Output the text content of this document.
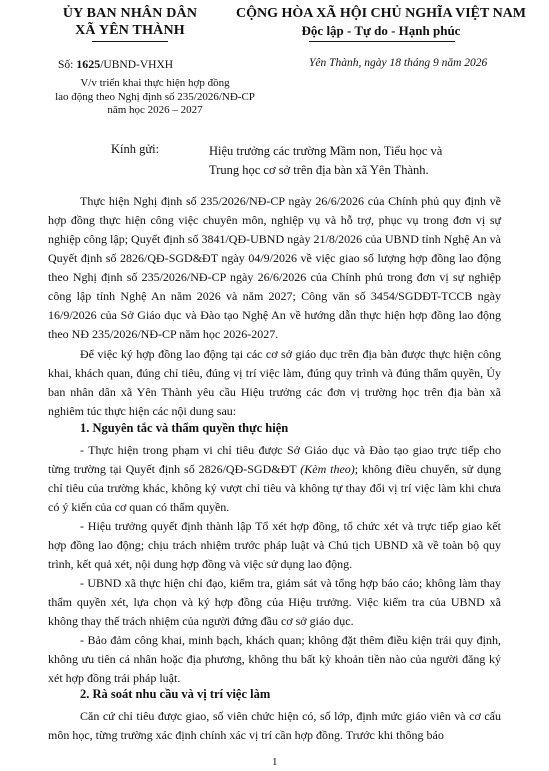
ỦY BAN NHÂN DÂN
XÃ YÊN THÀNH
CỘNG HÒA XÃ HỘI CHỦ NGHĨA VIỆT NAM
Độc lập - Tự do - Hạnh phúc
Số: 1625/UBND-VHXH	Yên Thành, ngày 18 tháng 9 năm 2026
V/v triển khai thực hiện hợp đồng
lao động theo Nghị định số 235/2026/NĐ-CP
năm học 2026 – 2027
Kính gửi:	Hiệu trưởng các trường Mầm non, Tiểu học và
Trung học cơ sở trên địa bàn xã Yên Thành.
Thực hiện Nghị định số 235/2026/NĐ-CP ngày 26/6/2026 của Chính phủ quy định về hợp đồng thực hiện công việc chuyên môn, nghiệp vụ và hỗ trợ, phục vụ trong đơn vị sự nghiệp công lập; Quyết định số 3841/QĐ-UBND ngày 21/8/2026 của UBND tỉnh Nghệ An và Quyết định số 2826/QĐ-SGD&ĐT ngày 04/9/2026 về việc giao số lượng hợp đồng lao động theo Nghị định số 235/2026/NĐ-CP ngày 26/6/2026 của Chính phủ trong đơn vị sự nghiệp công lập tỉnh Nghệ An năm 2026 và năm 2027; Công văn số 3454/SGDĐT-TCCB ngày 16/9/2026 của Sở Giáo dục và Đào tạo Nghệ An về hướng dẫn thực hiện hợp đồng lao động theo NĐ 235/2026/NĐ-CP năm học 2026-2027.
Để việc ký hợp đồng lao động tại các cơ sở giáo dục trên địa bàn được thực hiện công khai, khách quan, đúng chỉ tiêu, đúng vị trí việc làm, đúng quy trình và đúng thẩm quyền, Ủy ban nhân dân xã Yên Thành yêu cầu Hiệu trưởng các đơn vị trường học trên địa bàn xã nghiêm túc thực hiện các nội dung sau:
1. Nguyên tắc và thẩm quyền thực hiện
- Thực hiện trong phạm vi chỉ tiêu được Sở Giáo dục và Đào tạo giao trực tiếp cho từng trường tại Quyết định số 2826/QĐ-SGD&ĐT (Kèm theo); không điều chuyển, sử dụng chỉ tiêu của trường khác, không ký vượt chỉ tiêu và không tự thay đổi vị trí việc làm khi chưa có ý kiến của cơ quan có thẩm quyền.
- Hiệu trưởng quyết định thành lập Tổ xét hợp đồng, tổ chức xét và trực tiếp giao kết hợp đồng lao động; chịu trách nhiệm trước pháp luật và Chủ tịch UBND xã về toàn bộ quy trình, kết quả xét, nội dung hợp đồng và việc sử dụng lao động.
- UBND xã thực hiện chỉ đạo, kiểm tra, giám sát và tổng hợp báo cáo; không làm thay thẩm quyền xét, lựa chọn và ký hợp đồng của Hiệu trưởng. Việc kiểm tra của UBND xã không thay thế trách nhiệm của người đứng đầu cơ sở giáo dục.
- Bảo đảm công khai, minh bạch, khách quan; không đặt thêm điều kiện trái quy định, không ưu tiên cá nhân hoặc địa phương, không thu bất kỳ khoản tiền nào của người đăng ký xét hợp đồng trái pháp luật.
2. Rà soát nhu cầu và vị trí việc làm
Căn cứ chỉ tiêu được giao, số viên chức hiện có, số lớp, định mức giáo viên và cơ cấu môn học, từng trường xác định chính xác vị trí cần hợp đồng. Trước khi thông báo
1
